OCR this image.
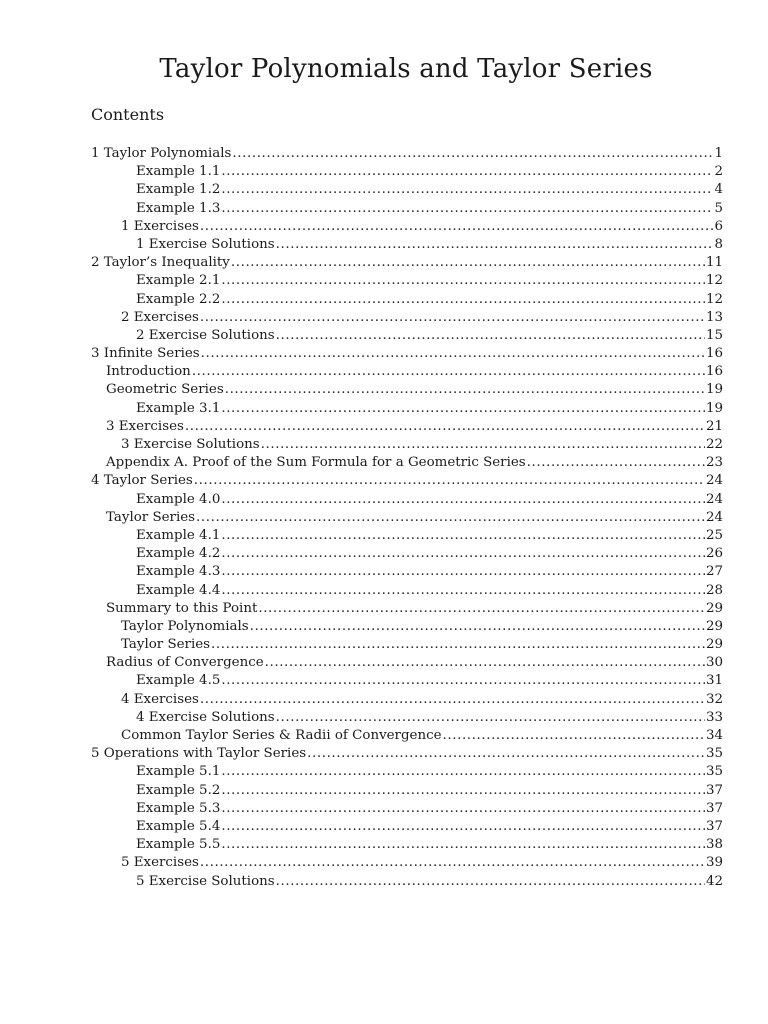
Taylor Polynomials and Taylor Series
Contents
1 Taylor Polynomials .....	1
Example 1.1 .....	2
Example 1.2 .....	4
Example 1.3 .....	5
1 Exercises .....	6
1 Exercise Solutions .....	8
2 Taylor’s Inequality .....	11
Example 2.1 .....	12
Example 2.2 .....	12
2 Exercises .....	13
2 Exercise Solutions .....	15
3 Infinite Series .....	16
Introduction .....	16
Geometric Series .....	19
Example 3.1 .....	19
3 Exercises .....	21
3 Exercise Solutions .....	22
Appendix A. Proof of the Sum Formula for a Geometric Series .....	23
4 Taylor Series .....	24
Example 4.0 .....	24
Taylor Series .....	24
Example 4.1 .....	25
Example 4.2 .....	26
Example 4.3 .....	27
Example 4.4 .....	28
Summary to this Point .....	29
Taylor Polynomials .....	29
Taylor Series .....	29
Radius of Convergence .....	30
Example 4.5 .....	31
4 Exercises .....	32
4 Exercise Solutions .....	33
Common Taylor Series & Radii of Convergence .....	34
5 Operations with Taylor Series .....	35
Example 5.1 .....	35
Example 5.2 .....	37
Example 5.3 .....	37
Example 5.4 .....	37
Example 5.5 .....	38
5 Exercises .....	39
5 Exercise Solutions .....	42
